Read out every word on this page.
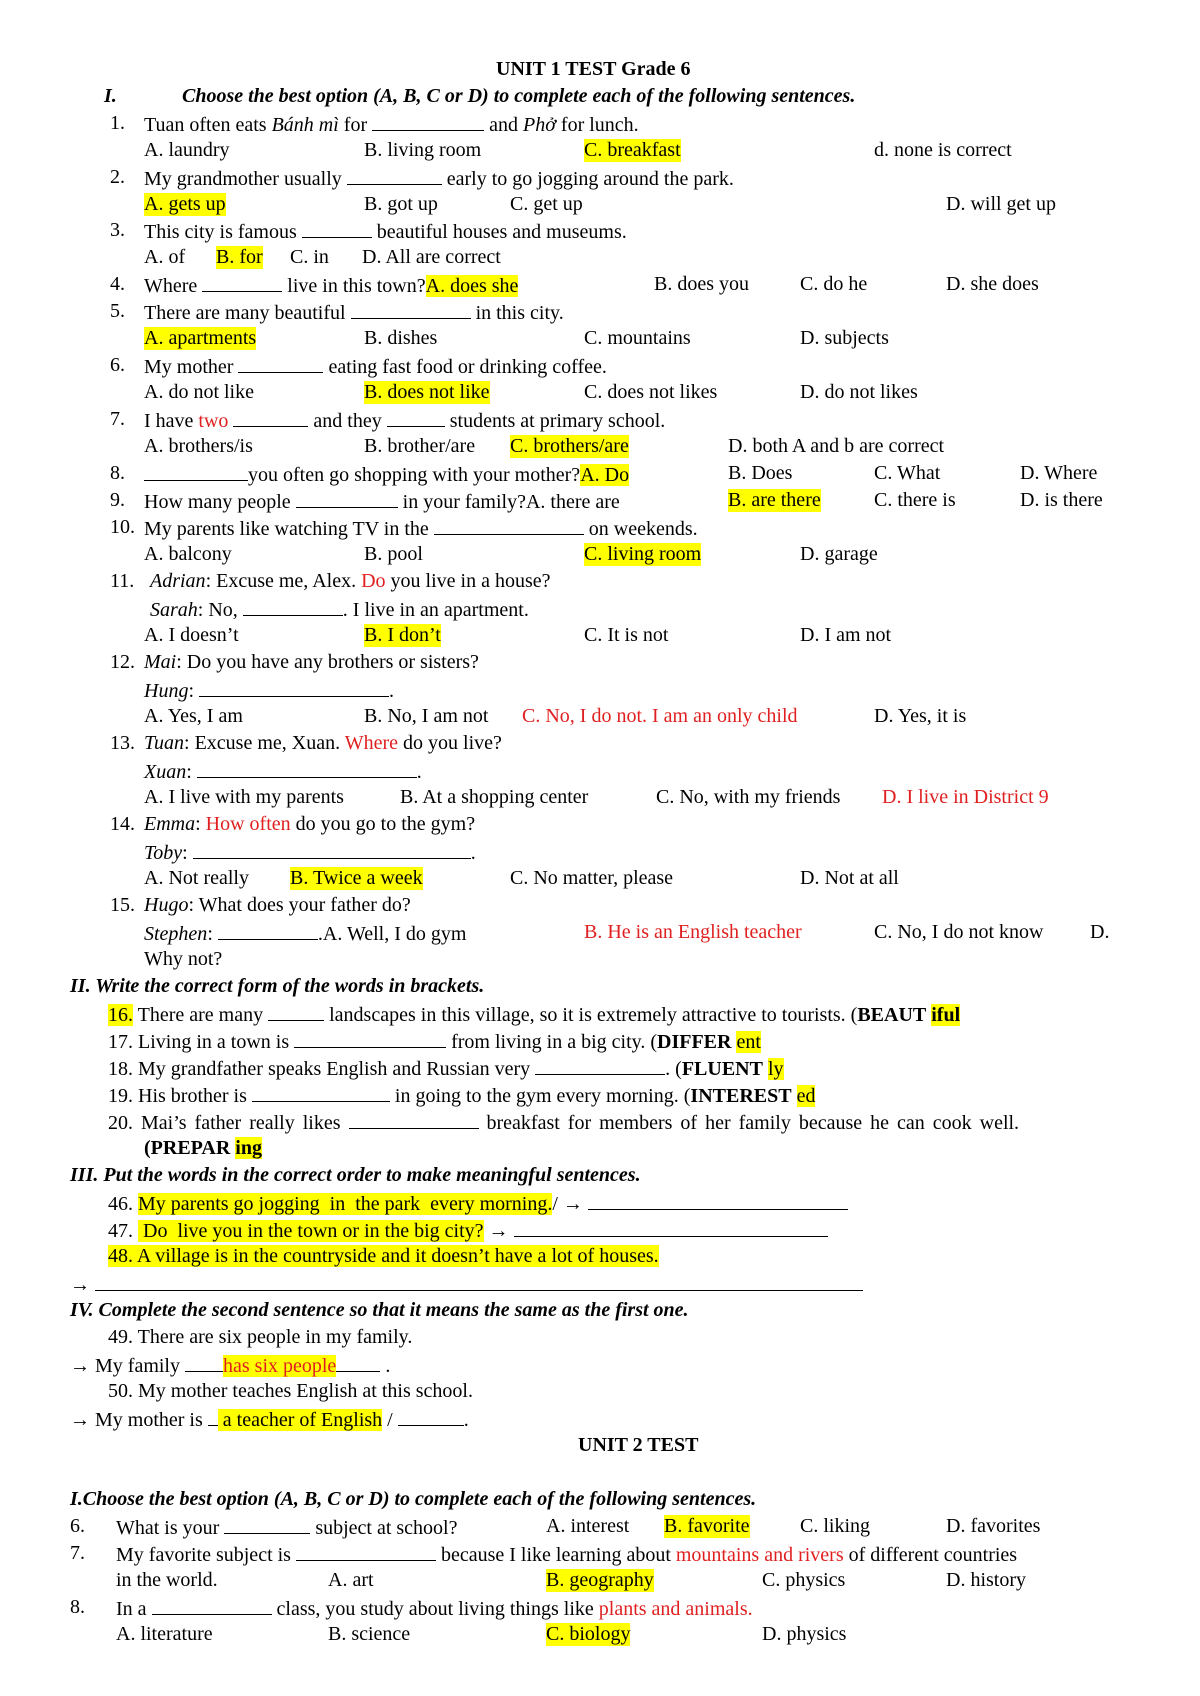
UNIT 1 TEST Grade 6
I.	Choose the best option (A, B, C or D) to complete each of the following sentences.
1. Tuan often eats Bánh mì for	and Phở for lunch.
A. laundry	B. living room	C. breakfast	d. none is correct
2. My grandmother usually	early to go jogging around the park.
A. gets up	B. got up	C. get up	D. will get up
3. This city is famous	beautiful houses and museums.
A. of B. for C. in D. All are correct
4. Where	live in this town?A. does she	B. does you	C. do he	D. she does
5. There are many beautiful	in this city.
A. apartments	B. dishes	C. mountains	D. subjects
6. My mother	eating fast food or drinking coffee.
A. do not like	B. does not like	C. does not likes	D. do not likes
7. I have two	and they	students at primary school.
A. brothers/is	B. brother/are C. brothers/are	D. both A and b are correct
8.	you often go shopping with your mother?A. Do	B. Does	C. What	D. Where
9. How many people	in your family?A. there are	B. are there	C. there is	D. is there
10. My parents like watching TV in the	on weekends.
A. balcony	B. pool	C. living room	D. garage
11. Adrian: Excuse me, Alex. Do you live in a house?
Sarah: No,	. I live in an apartment.
A. I doesn’t	B. I don’t	C. It is not	D. I am not
12. Mai: Do you have any brothers or sisters?
Hung:	.
A. Yes, I am	B. No, I am not C. No, I do not. I am an only child	D. Yes, it is
13. Tuan: Excuse me, Xuan. Where do you live?
Xuan:	.
A. I live with my parents	B. At a shopping center	C. No, with my friends D. I live in District 9
14. Emma: How often do you go to the gym?
Toby:	.
A. Not really B. Twice a week	C. No matter, please	D. Not at all
15. Hugo: What does your father do?
Stephen:	.A. Well, I do gym	B. He is an English teacher	C. No, I do not know D.
Why not?
II. Write the correct form of the words in brackets.
16. There are many	landscapes in this village, so it is extremely attractive to tourists. (BEAUT iful
17. Living in a town is	from living in a big city. (DIFFER ent
18. My grandfather speaks English and Russian very	. (FLUENT ly
19. His brother is	in going to the gym every morning. (INTEREST ed
20. Mai’s father really likes	breakfast for members of her family because he can cook well.
(PREPAR ing
III. Put the words in the correct order to make meaningful sentences.
46. My parents go jogging  in  the park  every morning./ →
47.  Do  live you in the town or in the big city? →
48. A village is in the countryside and it doesn’t have a lot of houses.
→
IV. Complete the second sentence so that it means the same as the first one.
49. There are six people in my family.
→ My family has six people .
50. My mother teaches English at this school.
→ My mother is  a teacher of English /	.
UNIT 2 TEST
I.Choose the best option (A, B, C or D) to complete each of the following sentences.
6. What is your	subject at school?	A. interest B. favorite	C. liking	D. favorites
7. My favorite subject is	because I like learning about mountains and rivers of different countries
in the world.	A. art	B. geography	C. physics	D. history
8. In a	class, you study about living things like plants and animals.
A. literature	B. science	C. biology	D. physics
